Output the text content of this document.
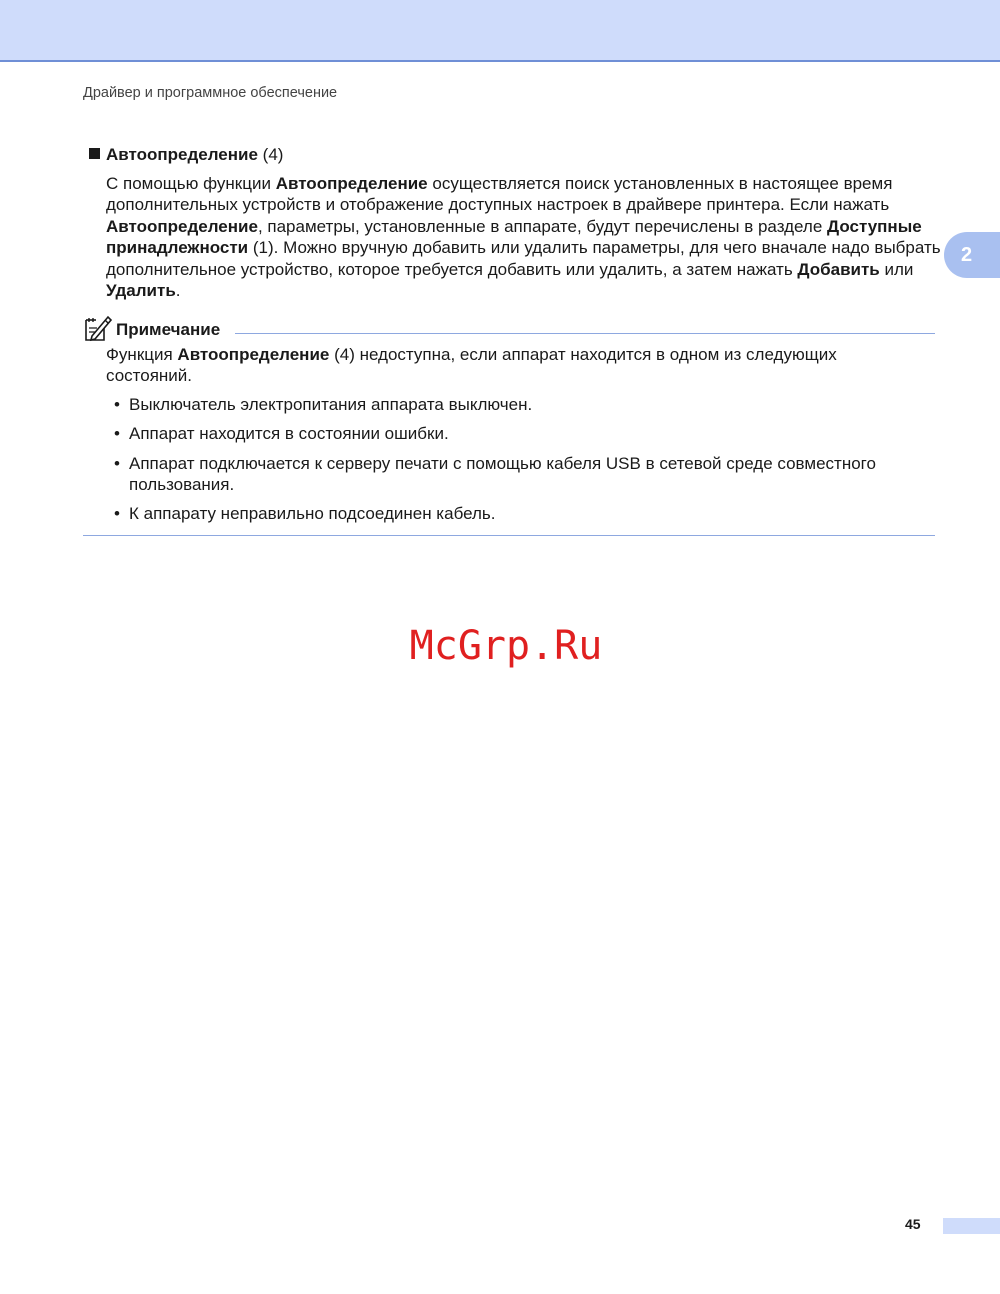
Драйвер и программное обеспечение
2
Автоопределение (4)

С помощью функции Автоопределение осуществляется поиск установленных в настоящее время дополнительных устройств и отображение доступных настроек в драйвере принтера. Если нажать Автоопределение, параметры, установленные в аппарате, будут перечислены в разделе Доступные принадлежности (1). Можно вручную добавить или удалить параметры, для чего вначале надо выбрать дополнительное устройство, которое требуется добавить или удалить, а затем нажать Добавить или Удалить.

Примечание

Функция Автоопределение (4) недоступна, если аппарат находится в одном из следующих состояний.

• Выключатель электропитания аппарата выключен.
• Аппарат находится в состоянии ошибки.
• Аппарат подключается к серверу печати с помощью кабеля USB в сетевой среде совместного пользования.
• К аппарату неправильно подсоединен кабель.
McGrp.Ru
45
